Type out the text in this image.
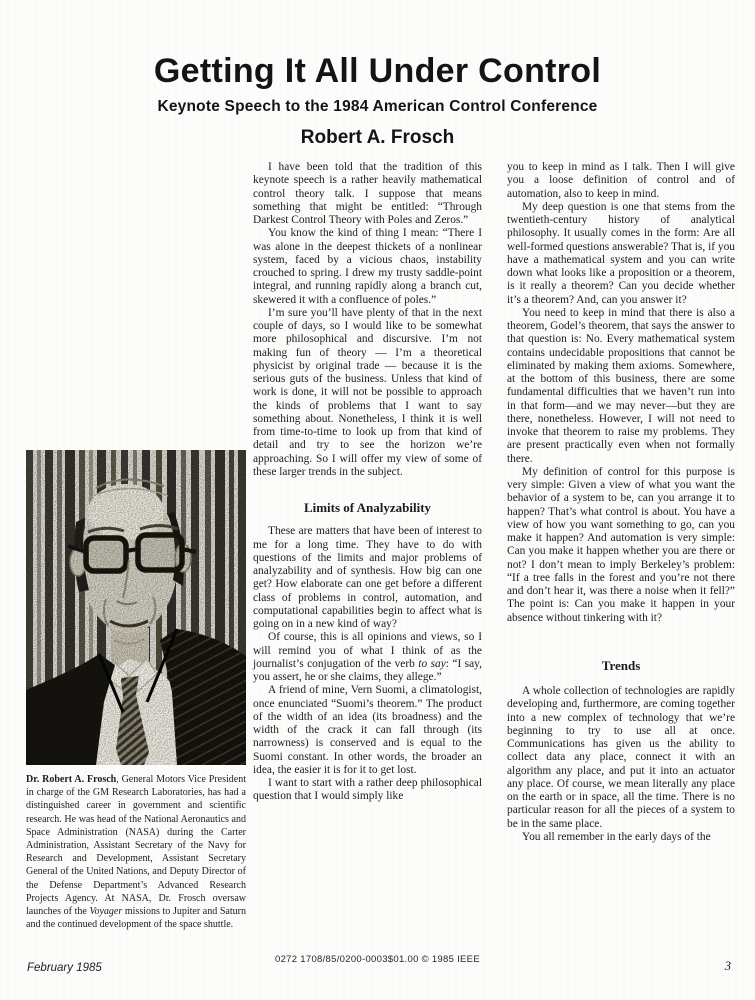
Getting It All Under Control
Keynote Speech to the 1984 American Control Conference
Robert A. Frosch

Dr. Robert A. Frosch, General Motors Vice President in charge of the GM Research Laboratories, has had a distinguished career in government and scientific research. He was head of the National Aeronautics and Space Administration (NASA) during the Carter Administration, Assistant Secretary of the Navy for Research and Development, Assistant Secretary General of the United Nations, and Deputy Director of the Defense Department’s Advanced Research Projects Agency. At NASA, Dr. Frosch oversaw launches of the Voyager missions to Jupiter and Saturn and the continued development of the space shuttle.

I have been told that the tradition of this keynote speech is a rather heavily mathematical control theory talk. I suppose that means something that might be entitled: “Through Darkest Control Theory with Poles and Zeros.”

You know the kind of thing I mean: “There I was alone in the deepest thickets of a nonlinear system, faced by a vicious chaos, instability crouched to spring. I drew my trusty saddle-point integral, and running rapidly along a branch cut, skewered it with a confluence of poles.”

I’m sure you’ll have plenty of that in the next couple of days, so I would like to be somewhat more philosophical and discursive. I’m not making fun of theory — I’m a theoretical physicist by original trade — because it is the serious guts of the business. Unless that kind of work is done, it will not be possible to approach the kinds of problems that I want to say something about. Nonetheless, I think it is well from time-to-time to look up from that kind of detail and try to see the horizon we’re approaching. So I will offer my view of some of these larger trends in the subject.

Limits of Analyzability

These are matters that have been of interest to me for a long time. They have to do with questions of the limits and major problems of analyzability and of synthesis. How big can one get? How elaborate can one get before a different class of problems in control, automation, and computational capabilities begin to affect what is going on in a new kind of way?

Of course, this is all opinions and views, so I will remind you of what I think of as the journalist’s conjugation of the verb to say: “I say, you assert, he or she claims, they allege.”

A friend of mine, Vern Suomi, a climatologist, once enunciated “Suomi’s theorem.” The product of the width of an idea (its broadness) and the width of the crack it can fall through (its narrowness) is conserved and is equal to the Suomi constant. In other words, the broader an idea, the easier it is for it to get lost.

I want to start with a rather deep philosophical question that I would simply like

you to keep in mind as I talk. Then I will give you a loose definition of control and of automation, also to keep in mind.

My deep question is one that stems from the twentieth-century history of analytical philosophy. It usually comes in the form: Are all well-formed questions answerable? That is, if you have a mathematical system and you can write down what looks like a proposition or a theorem, is it really a theorem? Can you decide whether it’s a theorem? And, can you answer it?

You need to keep in mind that there is also a theorem, Godel’s theorem, that says the answer to that question is: No. Every mathematical system contains undecidable propositions that cannot be eliminated by making them axioms. Somewhere, at the bottom of this business, there are some fundamental difficulties that we haven’t run into in that form—and we may never—but they are there, nonetheless. However, I will not need to invoke that theorem to raise my problems. They are present practically even when not formally there.

My definition of control for this purpose is very simple: Given a view of what you want the behavior of a system to be, can you arrange it to happen? That’s what control is about. You have a view of how you want something to go, can you make it happen? And automation is very simple: Can you make it happen whether you are there or not? I don’t mean to imply Berkeley’s problem: “If a tree falls in the forest and you’re not there and don’t hear it, was there a noise when it fell?” The point is: Can you make it happen in your absence without tinkering with it?

Trends

A whole collection of technologies are rapidly developing and, furthermore, are coming together into a new complex of technology that we’re beginning to try to use all at once. Communications has given us the ability to collect data any place, connect it with an algorithm any place, and put it into an actuator any place. Of course, we mean literally any place on the earth or in space, all the time. There is no particular reason for all the pieces of a system to be in the same place.

You all remember in the early days of the

0272 1708/85/0200-0003$01.00 © 1985 IEEE
February 1985	3
